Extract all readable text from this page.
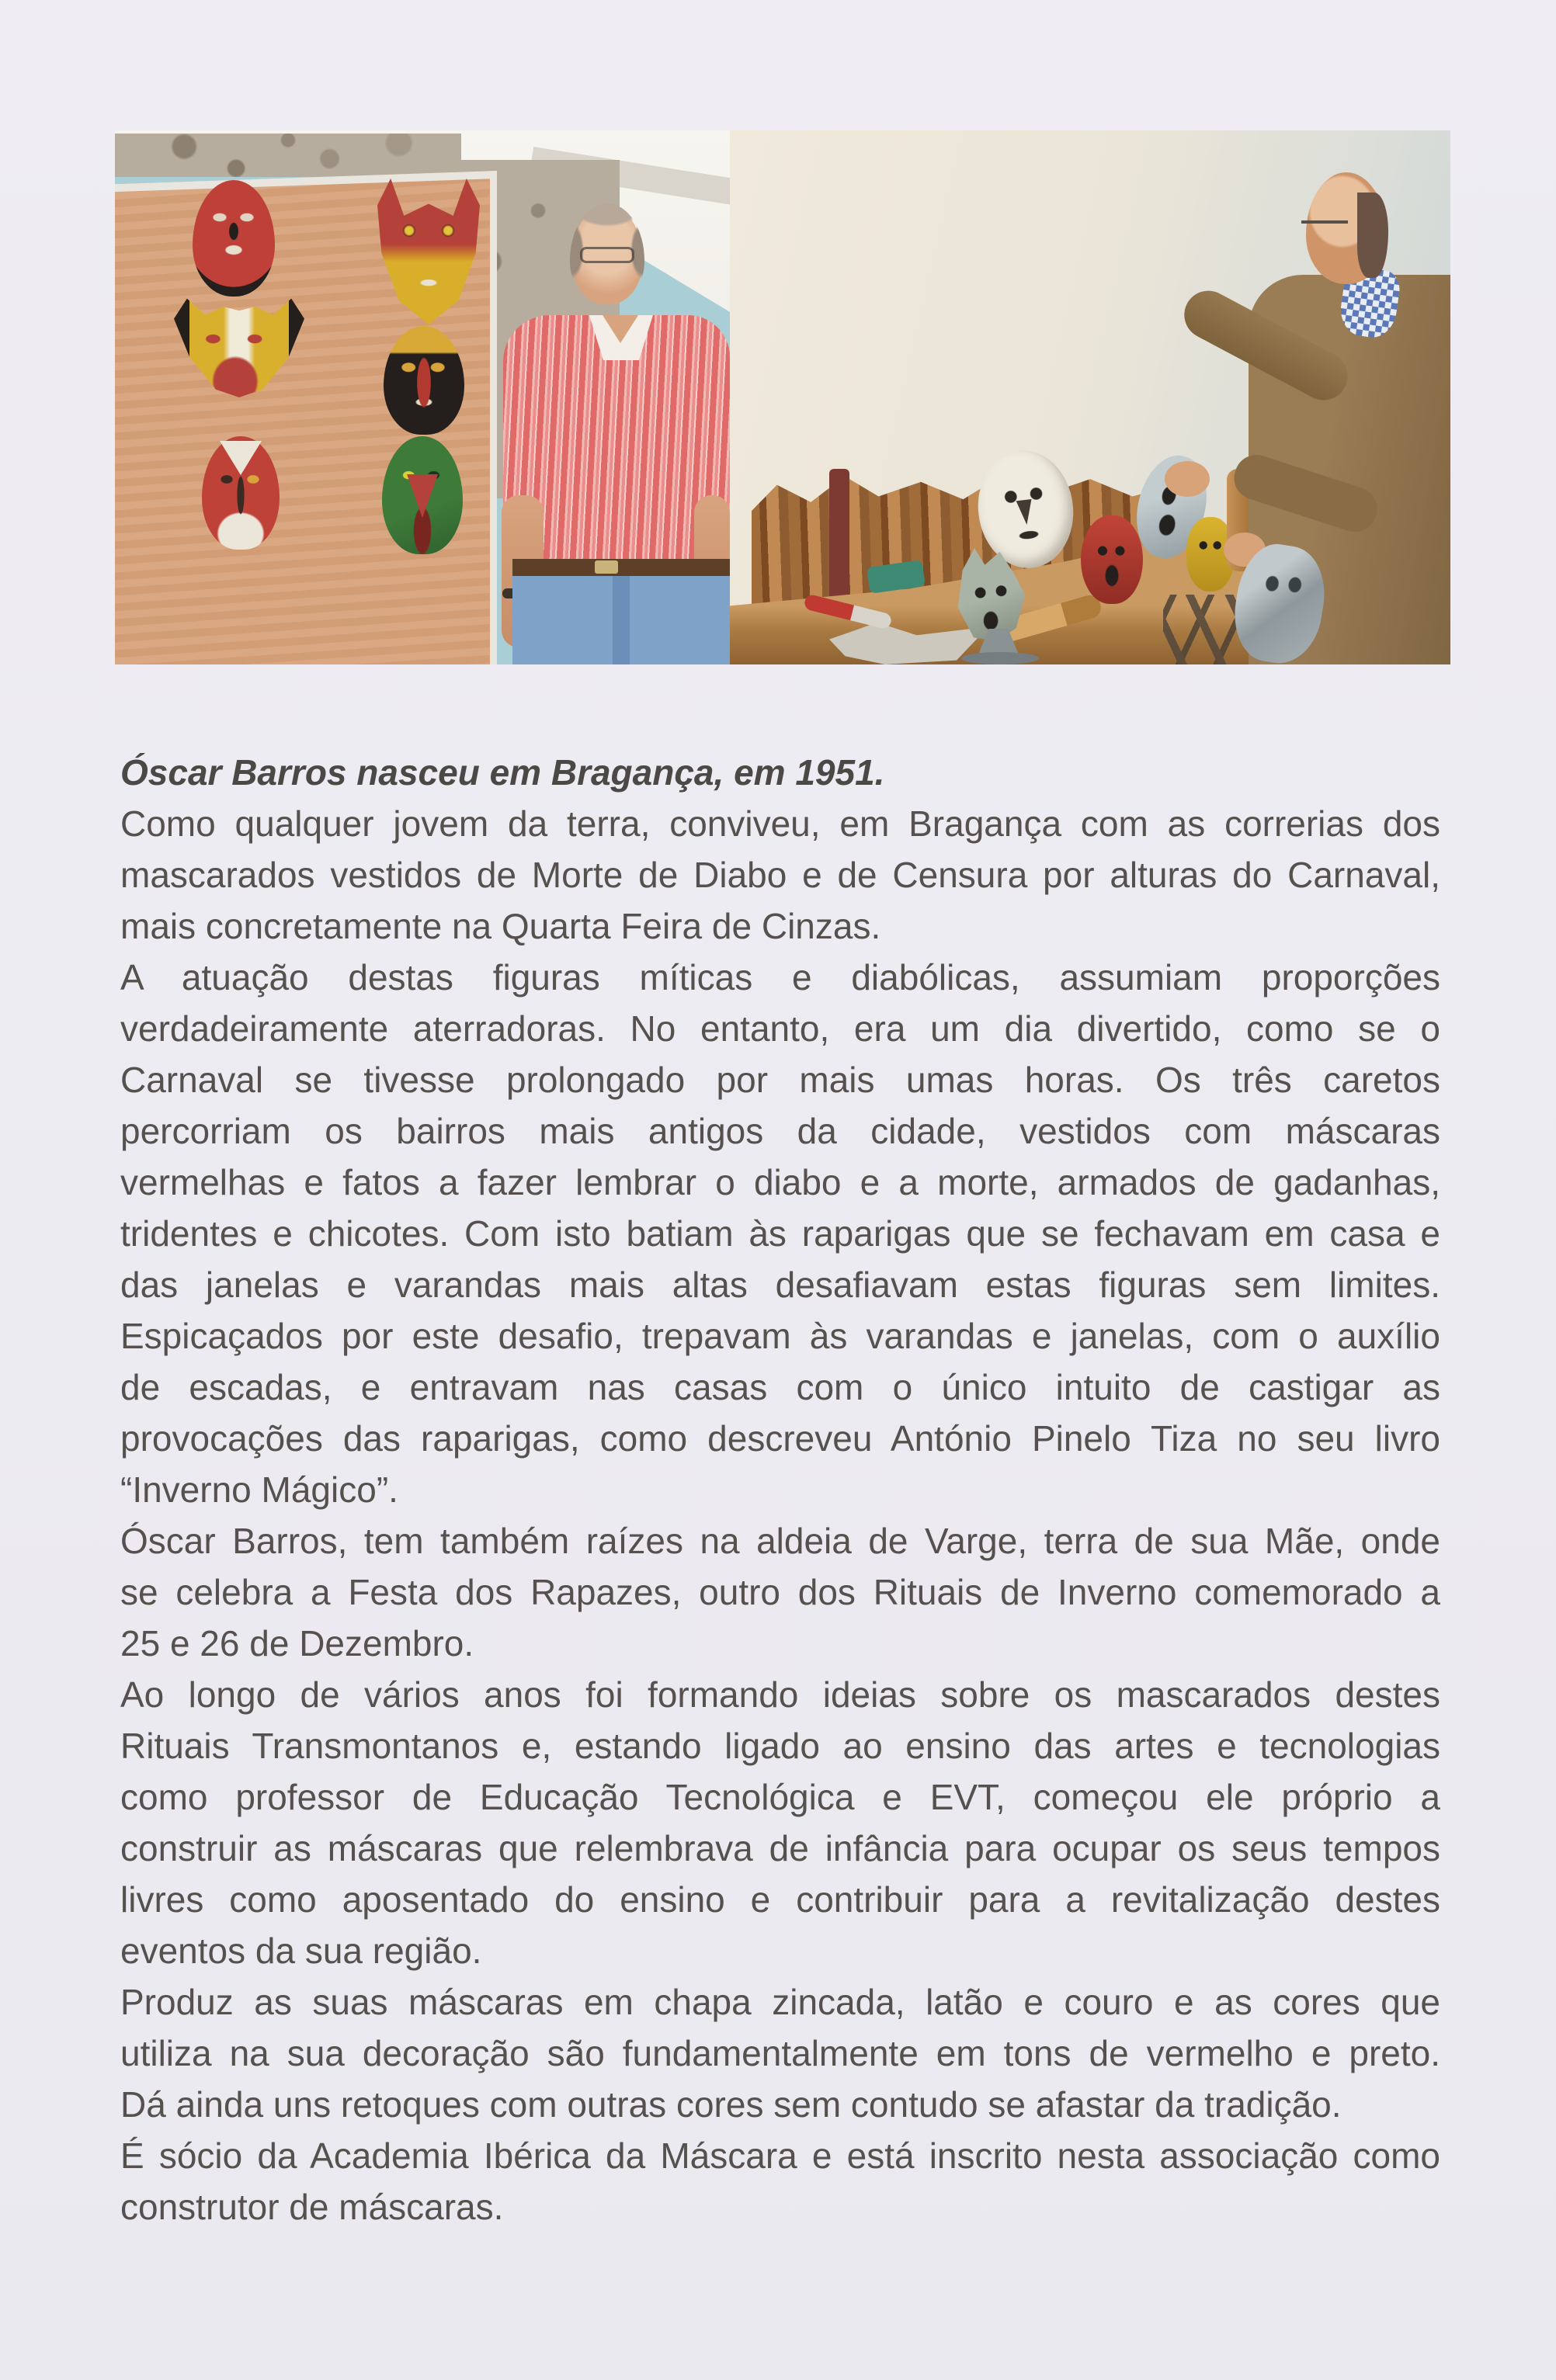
Óscar Barros nasceu em Bragança, em 1951.
Como qualquer jovem da terra, conviveu, em Bragança com as correrias dos
mascarados vestidos de Morte de Diabo e de Censura por alturas do Carnaval,
mais concretamente na Quarta Feira de Cinzas.
A atuação destas figuras míticas e diabólicas, assumiam proporções
verdadeiramente aterradoras. No entanto, era um dia divertido, como se o
Carnaval se tivesse prolongado por mais umas horas. Os três caretos
percorriam os bairros mais antigos da cidade, vestidos com máscaras
vermelhas e fatos a fazer lembrar o diabo e a morte, armados de gadanhas,
tridentes e chicotes. Com isto batiam às raparigas que se fechavam em casa e
das janelas e varandas mais altas desafiavam estas figuras sem limites.
Espicaçados por este desafio, trepavam às varandas e janelas, com o auxílio
de escadas, e entravam nas casas com o único intuito de castigar as
provocações das raparigas, como descreveu António Pinelo Tiza no seu livro
“Inverno Mágico”.
Óscar Barros, tem também raízes na aldeia de Varge, terra de sua Mãe, onde
se celebra a Festa dos Rapazes, outro dos Rituais de Inverno comemorado a
25 e 26 de Dezembro.
Ao longo de vários anos foi formando ideias sobre os mascarados destes
Rituais Transmontanos e, estando ligado ao ensino das artes e tecnologias
como professor de Educação Tecnológica e EVT, começou ele próprio a
construir as máscaras que relembrava de infância para ocupar os seus tempos
livres como aposentado do ensino e contribuir para a revitalização destes
eventos da sua região.
Produz as suas máscaras em chapa zincada, latão e couro e as cores que
utiliza na sua decoração são fundamentalmente em tons de vermelho e preto.
Dá ainda uns retoques com outras cores sem contudo se afastar da tradição.
É sócio da Academia Ibérica da Máscara e está inscrito nesta associação como
construtor de máscaras.
